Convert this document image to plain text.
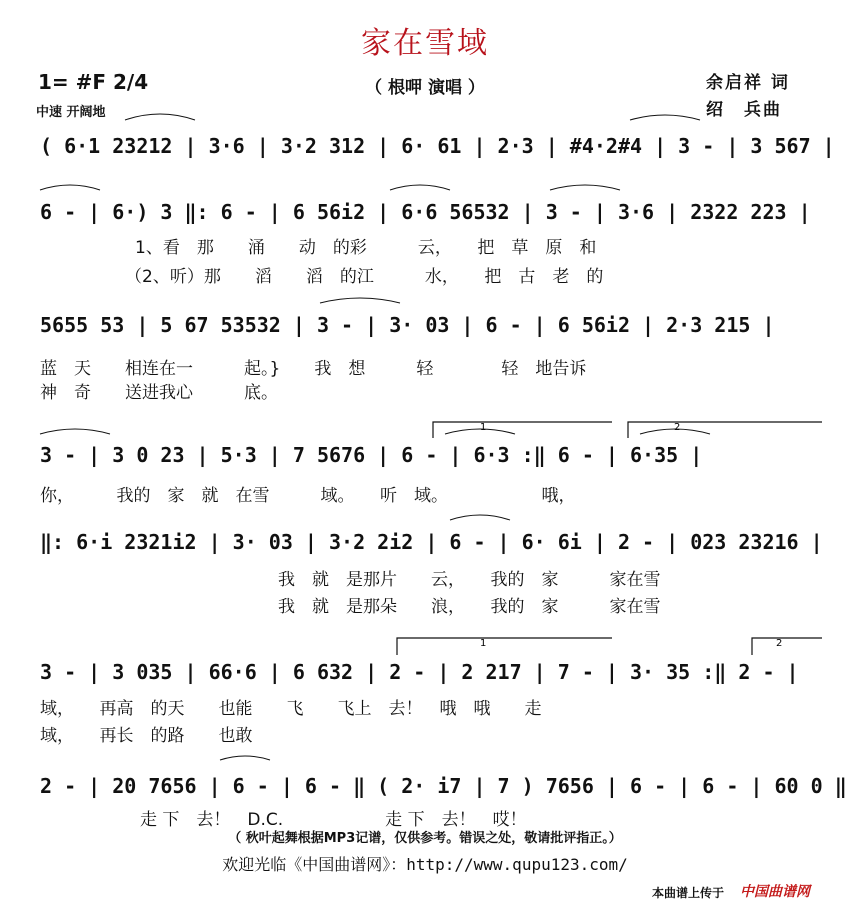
家在雪域
（ 根呷 演唱 ）
1= #F 2/4
中速 开阔地
余启祥 词
绍　兵曲
( 6·1 23212 | 3·6 | 3·2 312 | 6· 61 | 2·3 | #4·2#4 | 3 - | 3 567 |
6 - | 6·) 3 ‖: 6 - | 6 56i2 | 6·6 56532 | 3 - | 3·6 | 2322 223 |
1、看　那　　涌　　动　的彩　　　云，　　把　草　原　和
（2、听）那　　滔　　滔　的江　　　水，　　把　古　老　的
5655 53 | 5 67 53532 | 3 - | 3· 03 | 6 - | 6 56i2 | 2·3 215 |
蓝　天　　相连在一　　　起。}　　我　想　　　轻　　　　轻　地告诉
神　奇　　送进我心　　　底。
3 - | 3 0 23 | 5·3 | 7 5676 | 6 - | 6·3 :‖ 6 - | 6·35 |
你，　　　我的　家　就　在雪　　　域。　　听　域。　　　　　　哦，
‖: 6·i 2321i2 | 3· 03 | 3·2 2i2 | 6 - | 6· 6i | 2 - | 023 23216 |
我　就　是那片　　云，　　我的　家　　　家在雪
我　就　是那朵　　浪，　　我的　家　　　家在雪
3 - | 3 035 | 66·6 | 6 632 | 2 - | 2 217 | 7 - | 3· 35 :‖ 2 - |
域，　　再高　的天　　也能　　飞　　飞上　去！　哦　哦　　走
域，　　再长　的路　　也敢
2 - | 20 7656 | 6 - | 6 - ‖ ( 2· i7 | 7 ) 7656 | 6 - | 6 - | 60 0 ‖
走 下　去！　D.C.　　　　　　走 下　去！　哎！
1	2
1	2
（ 秋叶起舞根据MP3记谱，仅供参考。错误之处，敬请批评指正。）
欢迎光临《中国曲谱网》：http://www.qupu123.com/
本曲谱上传于 中国曲谱网
